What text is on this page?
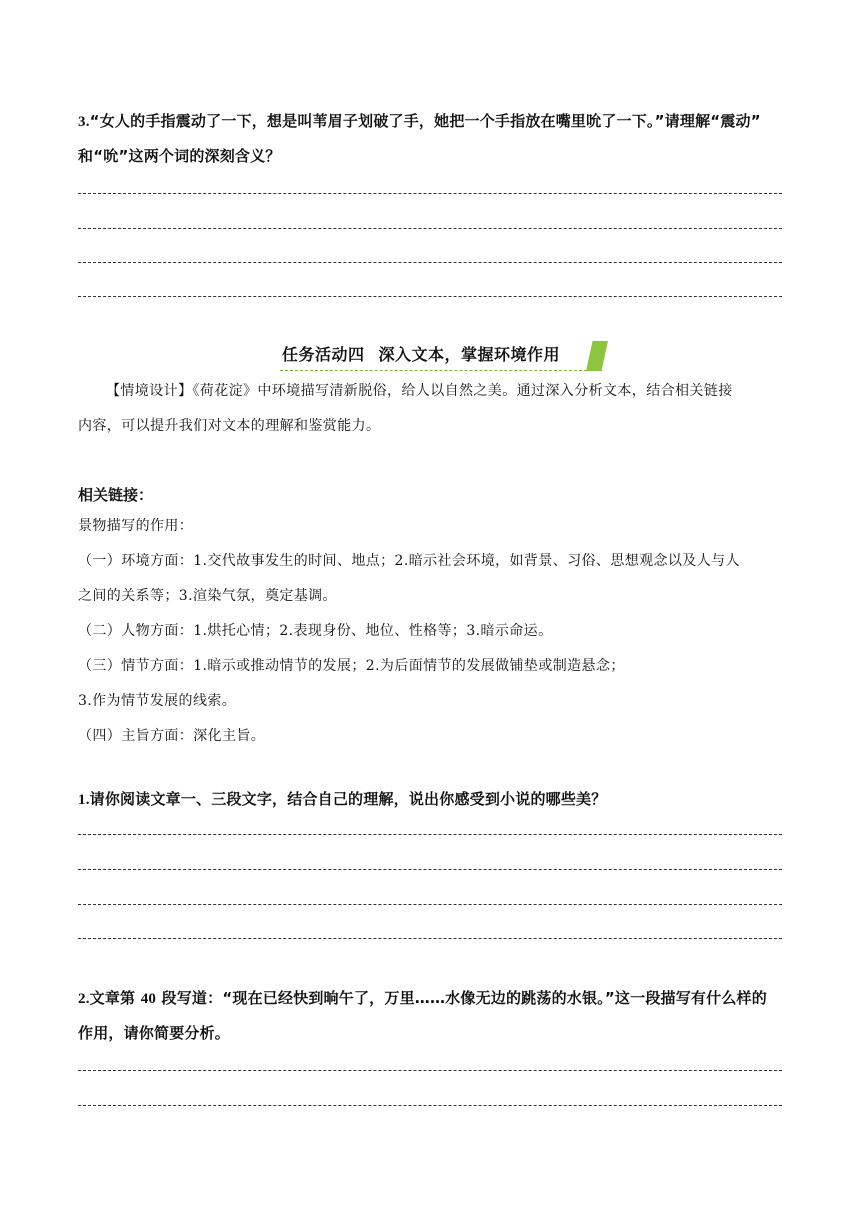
3.“女人的手指震动了一下，想是叫苇眉子划破了手，她把一个手指放在嘴里吮了一下。”请理解“震动”
和“吮”这两个词的深刻含义？
任务活动四 深入文本，掌握环境作用
【情境设计】《荷花淀》中环境描写清新脱俗，给人以自然之美。通过深入分析文本，结合相关链接
内容，可以提升我们对文本的理解和鉴赏能力。
相关链接：
景物描写的作用：
（一）环境方面：1.交代故事发生的时间、地点；2.暗示社会环境，如背景、习俗、思想观念以及人与人
之间的关系等；3.渲染气氛，奠定基调。
（二）人物方面：1.烘托心情；2.表现身份、地位、性格等；3.暗示命运。
（三）情节方面：1.暗示或推动情节的发展；2.为后面情节的发展做铺垫或制造悬念；
3.作为情节发展的线索。
（四）主旨方面：深化主旨。
1.请你阅读文章一、三段文字，结合自己的理解，说出你感受到小说的哪些美？
2.文章第 40 段写道：“现在已经快到晌午了，万里……水像无边的跳荡的水银。”这一段描写有什么样的
作用，请你简要分析。
